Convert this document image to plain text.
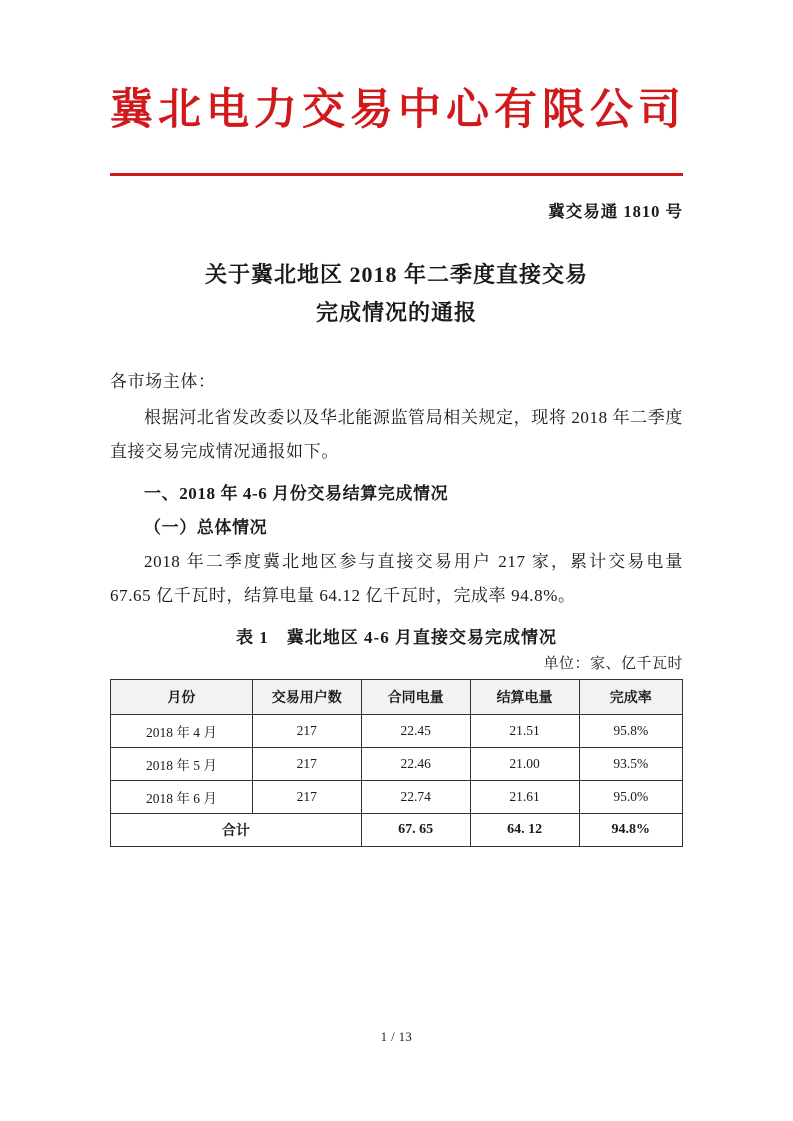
冀北电力交易中心有限公司
冀交易通 1810 号
关于冀北地区 2018 年二季度直接交易
完成情况的通报

各市场主体：

根据河北省发改委以及华北能源监管局相关规定，现将 2018 年二季度直接交易完成情况通报如下。

一、2018 年 4-6 月份交易结算完成情况

（一）总体情况

2018 年二季度冀北地区参与直接交易用户 217 家，累计交易电量 67.65 亿千瓦时，结算电量 64.12 亿千瓦时，完成率 94.8%。

表 1　冀北地区 4-6 月直接交易完成情况
单位：家、亿千瓦时
月份	交易用户数	合同电量	结算电量	完成率
2018 年 4 月	217	22.45	21.51	95.8%
2018 年 5 月	217	22.46	21.00	93.5%
2018 年 6 月	217	22.74	21.61	95.0%
合计		67. 65	64. 12	94.8%
1 / 13
